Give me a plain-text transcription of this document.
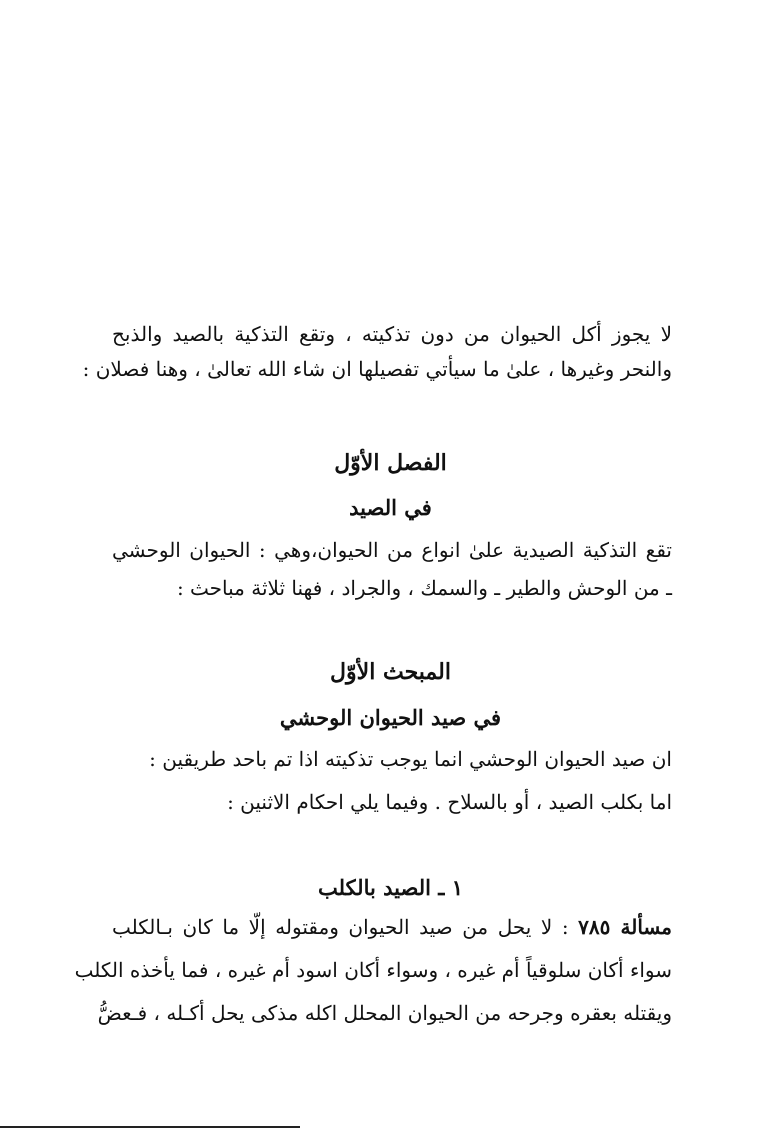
لا يجوز أكل الحيوان من دون تذكيته ، وتقع التذكية بالصيد والذبح
والنحر وغيرها ، علىٰ ما سيأتي تفصيلها ان شاء الله تعالىٰ ، وهنا فصلان :
الفصل الأوّل
في الصيد
تقع التذكية الصيدية علىٰ انواع من الحيوان،وهي : الحيوان الوحشي
ـ من الوحش والطير ـ والسمك ، والجراد ، فهنا ثلاثة مباحث :
المبحث الأوّل
في صيد الحيوان الوحشي
ان صيد الحيوان الوحشي انما يوجب تذكيته اذا تم باحد طريقين :
اما بكلب الصيد ، أو بالسلاح . وفيما يلي احكام الاثنين :
١ ـ الصيد بالكلب
مسألة ٧٨٥ : لا يحل من صيد الحيوان ومقتوله إلّا ما كان بـالكلب
سواء أكان سلوقياً أم غيره ، وسواء أكان اسود أم غيره ، فما يأخذه الكلب
ويقتله بعقره وجرحه من الحيوان المحلل اكله مذكى يحل أكـله ، فـعضُّ
